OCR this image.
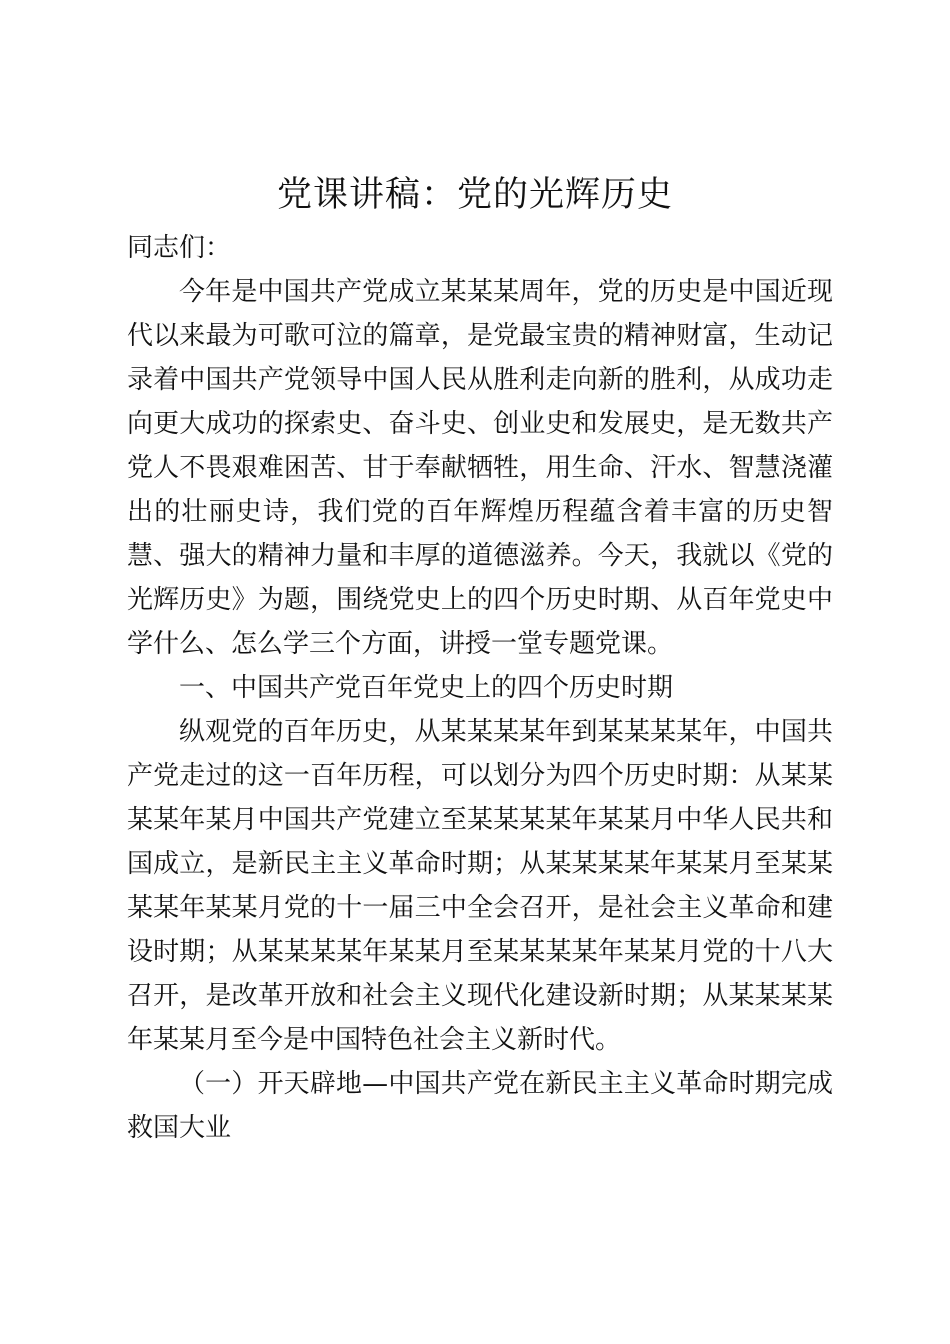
党课讲稿：党的光辉历史

同志们：

今年是中国共产党成立某某某周年，党的历史是中国近现代以来最为可歌可泣的篇章，是党最宝贵的精神财富，生动记录着中国共产党领导中国人民从胜利走向新的胜利，从成功走向更大成功的探索史、奋斗史、创业史和发展史，是无数共产党人不畏艰难困苦、甘于奉献牺牲，用生命、汗水、智慧浇灌出的壮丽史诗，我们党的百年辉煌历程蕴含着丰富的历史智慧、强大的精神力量和丰厚的道德滋养。今天，我就以《党的光辉历史》为题，围绕党史上的四个历史时期、从百年党史中学什么、怎么学三个方面，讲授一堂专题党课。

一、中国共产党百年党史上的四个历史时期

纵观党的百年历史，从某某某某年到某某某某年，中国共产党走过的这一百年历程，可以划分为四个历史时期：从某某某某年某月中国共产党建立至某某某某年某某月中华人民共和国成立，是新民主主义革命时期；从某某某某年某某月至某某某某年某某月党的十一届三中全会召开，是社会主义革命和建设时期；从某某某某年某某月至某某某某年某某月党的十八大召开，是改革开放和社会主义现代化建设新时期；从某某某某年某某月至今是中国特色社会主义新时代。

（一）开天辟地—中国共产党在新民主主义革命时期完成救国大业
